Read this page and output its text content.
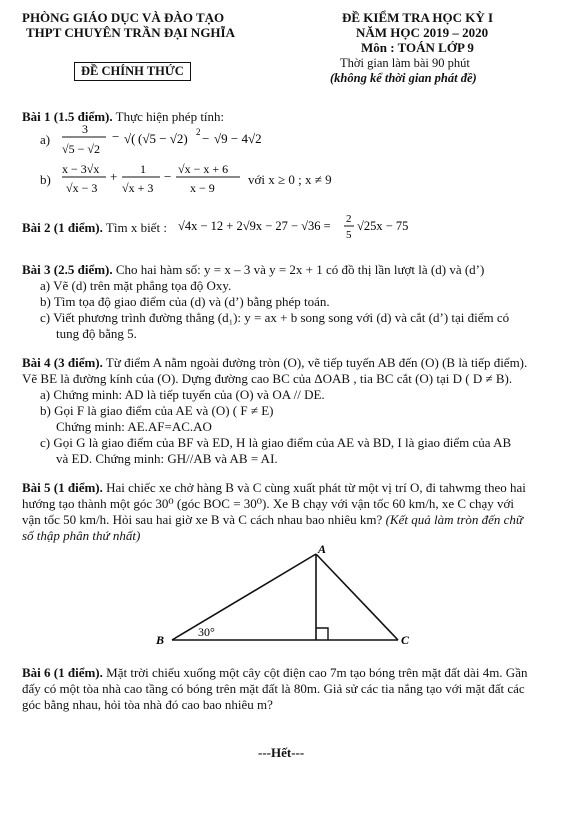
PHÒNG GIÁO DỤC VÀ ĐÀO TẠO
THPT CHUYÊN TRẦN ĐẠI NGHĨA
ĐỀ CHÍNH THỨC
ĐỀ KIỂM TRA HỌC KỲ I
NĂM HỌC 2019 – 2020
Môn : TOÁN LỚP 9
Thời gian làm bài 90 phút
(không kể thời gian phát đề)
Bài 1 (1.5 điểm). Thực hiện phép tính:
a)
3
√5 − √2
− √( (√5 − √2) 2 − √9 − 4√2
b)
x − 3√x
√x − 3
+ 1
√x + 3
− √x − x + 6
x − 9
với x ≥ 0 ; x ≠ 9
Bài 2 (1 điểm). Tìm x biết : √4x − 12 + 2√9x − 27 − √36 = 2
5
√25x − 75
Bài 3 (2.5 điểm). Cho hai hàm số: y = x – 3 và y = 2x + 1 có đồ thị lần lượt là (d) và (d’)
a) Vẽ (d) trên mặt phẳng tọa độ Oxy.
b) Tìm tọa độ giao điểm của (d) và (d’) bằng phép toán.
c) Viết phương trình đường thẳng (d₁): y = ax + b song song với (d) và cắt (d’) tại điểm có
tung độ bằng 5.
Bài 4 (3 điểm). Từ điểm A nằm ngoài đường tròn (O), vẽ tiếp tuyến AB đến (O) (B là tiếp điểm).
Vẽ BE là đường kính của (O). Dựng đường cao BC của ΔOAB , tia BC cắt (O) tại D ( D ≠ B).
a) Chứng minh: AD là tiếp tuyến của (O) và OA // DE.
b) Gọi F là giao điểm của AE và (O) ( F ≠ E)
Chứng minh: AE.AF=AC.AO
c) Gọi G là giao điểm của BF và ED, H là giao điểm của AE và BD, I là giao điểm của AB
và ED. Chứng minh: GH//AB và AB = AI.
Bài 5 (1 điểm). Hai chiếc xe chở hàng B và C cùng xuất phát từ một vị trí O, đi tahwmg theo hai
hướng tạo thành một góc 30⁰ (góc BOC = 30⁰). Xe B chạy với vận tốc 60 km/h, xe C chạy với
vận tốc 50 km/h. Hỏi sau hai giờ xe B và C cách nhau bao nhiêu km? (Kết quả làm tròn đến chữ
số thập phân thứ nhất)
A
B	C
30°
Bài 6 (1 điểm). Mặt trời chiếu xuống một cây cột điện cao 7m tạo bóng trên mặt đất dài 4m. Gần
đấy có một tòa nhà cao tầng có bóng trên mặt đất là 80m. Giả sử các tia nắng tạo với mặt đất các
góc bằng nhau, hỏi tòa nhà đó cao bao nhiêu m?
---Hết---
